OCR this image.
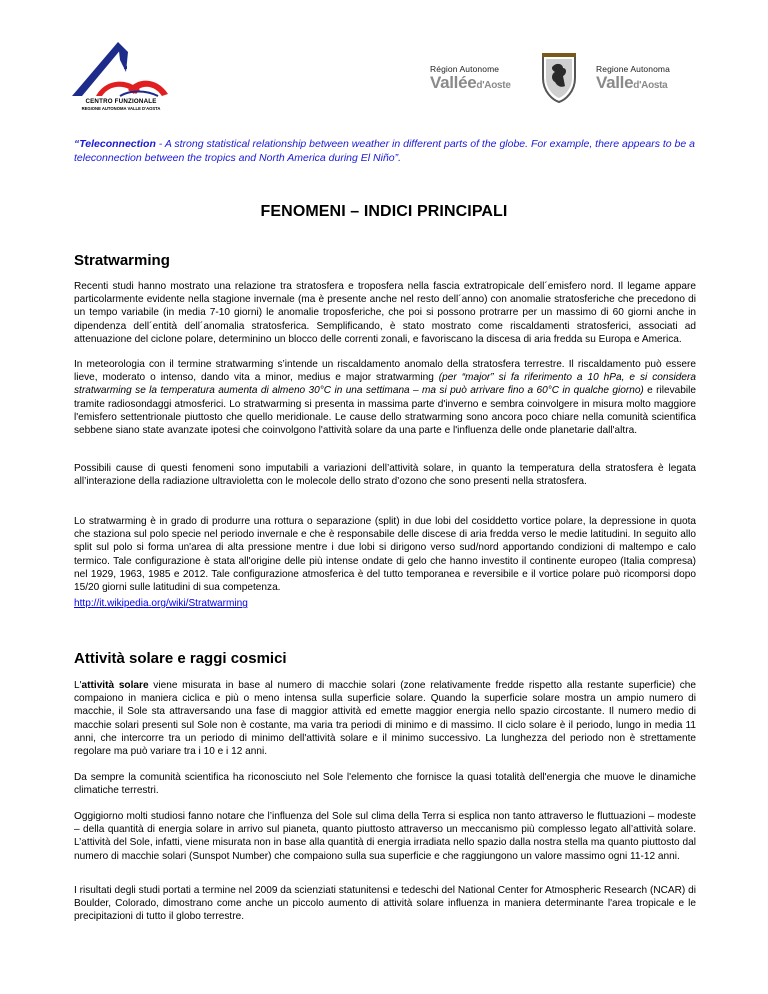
CENTRO FUNZIONALE
REGIONE AUTONOMA VALLE D'AOSTA
Région Autonome
Valléed'Aoste
Regione Autonoma
Valled'Aosta

“Teleconnection - A strong statistical relationship between weather in different parts of the globe. For example, there appears to be a teleconnection between the tropics and North America during El Niño”.

FENOMENI – INDICI PRINCIPALI
Stratwarming

Recenti studi hanno mostrato una relazione tra stratosfera e troposfera nella fascia extratropicale dell´emisfero nord. Il legame appare particolarmente evidente nella stagione invernale (ma è presente anche nel resto dell´anno) con anomalie stratosferiche che precedono di un tempo variabile (in media 7-10 giorni) le anomalie troposferiche, che poi si possono protrarre per un massimo di 60 giorni anche in dipendenza dell´entità dell´anomalia stratosferica. Semplificando, è stato mostrato come riscaldamenti stratosferici, associati ad attenuazione del ciclone polare, determinino un blocco delle correnti zonali, e favoriscano la discesa di aria fredda su Europa e America.

In meteorologia con il termine stratwarming s’intende un riscaldamento anomalo della stratosfera terrestre. Il riscaldamento può essere lieve, moderato o intenso, dando vita a minor, medius e major stratwarming (per “major” si fa riferimento a 10 hPa, e si considera stratwarming se la temperatura aumenta di almeno 30°C in una settimana – ma si può arrivare fino a 60°C in qualche giorno) e rilevabile tramite radiosondaggi atmosferici. Lo stratwarming si presenta in massima parte d'inverno e sembra coinvolgere in misura molto maggiore l'emisfero settentrionale piuttosto che quello meridionale. Le cause dello stratwarming sono ancora poco chiare nella comunità scientifica sebbene siano state avanzate ipotesi che coinvolgono l'attività solare da una parte e l'influenza delle onde planetarie dall'altra.

Possibili cause di questi fenomeni sono imputabili a variazioni dell’attività solare, in quanto la temperatura della stratosfera è legata all’interazione della radiazione ultravioletta con le molecole dello strato d’ozono che sono presenti nella stratosfera.

Lo stratwarming è in grado di produrre una rottura o separazione (split) in due lobi del cosiddetto vortice polare, la depressione in quota che staziona sul polo specie nel periodo invernale e che è responsabile delle discese di aria fredda verso le medie latitudini. In seguito allo split sul polo si forma un'area di alta pressione mentre i due lobi si dirigono verso sud/nord apportando condizioni di maltempo e calo termico. Tale configurazione è stata all'origine delle più intense ondate di gelo che hanno investito il continente europeo (Italia compresa) nel 1929, 1963, 1985 e 2012. Tale configurazione atmosferica è del tutto temporanea e reversibile e il vortice polare può ricomporsi dopo 15/20 giorni sulle latitudini di sua competenza.

http://it.wikipedia.org/wiki/Stratwarming
Attività solare e raggi cosmici

L'attività solare viene misurata in base al numero di macchie solari (zone relativamente fredde rispetto alla restante superficie) che compaiono in maniera ciclica e più o meno intensa sulla superficie solare. Quando la superficie solare mostra un ampio numero di macchie, il Sole sta attraversando una fase di maggior attività ed emette maggior energia nello spazio circostante. Il numero medio di macchie solari presenti sul Sole non è costante, ma varia tra periodi di minimo e di massimo. Il ciclo solare è il periodo, lungo in media 11 anni, che intercorre tra un periodo di minimo dell'attività solare e il minimo successivo. La lunghezza del periodo non è strettamente regolare ma può variare tra i 10 e i 12 anni.

Da sempre la comunità scientifica ha riconosciuto nel Sole l'elemento che fornisce la quasi totalità dell'energia che muove le dinamiche climatiche terrestri.

Oggigiorno molti studiosi fanno notare che l’influenza del Sole sul clima della Terra si esplica non tanto attraverso le fluttuazioni – modeste – della quantità di energia solare in arrivo sul pianeta, quanto piuttosto attraverso un meccanismo più complesso legato all’attività solare. L’attività del Sole, infatti, viene misurata non in base alla quantità di energia irradiata nello spazio dalla nostra stella ma quanto piuttosto dal numero di macchie solari (Sunspot Number) che compaiono sulla sua superficie e che raggiungono un valore massimo ogni 11-12 anni.

I risultati degli studi portati a termine nel 2009 da scienziati statunitensi e tedeschi del National Center for Atmospheric Research (NCAR) di Boulder, Colorado, dimostrano come anche un piccolo aumento di attività solare influenza in maniera determinante l'area tropicale e le precipitazioni di tutto il globo terrestre.
